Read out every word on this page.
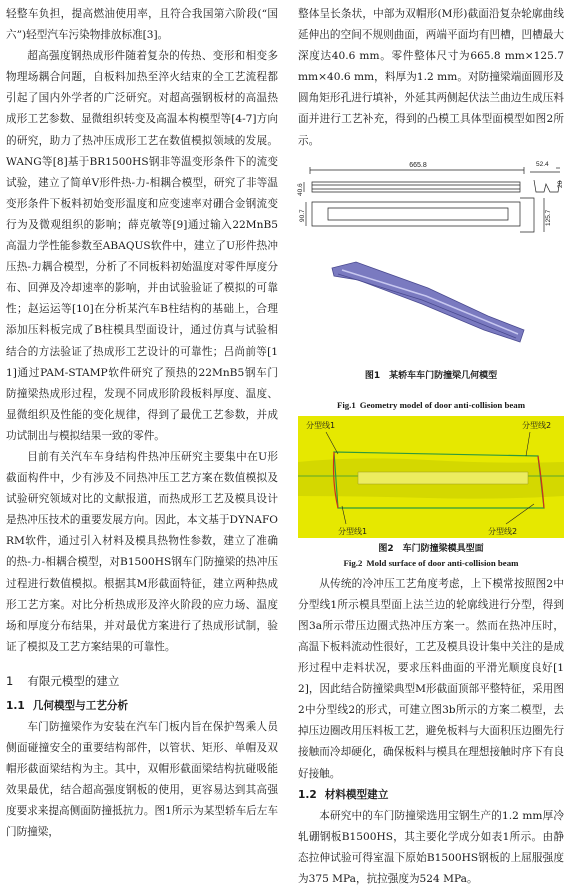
轻整车负担，提高燃油使用率，且符合我国第六阶段(“国六”)轻型汽车污染物排放标准[3]。

超高强度钢热成形件随着复杂的传热、变形和相变多物理场耦合问题，自板料加热至淬火结束的全工艺流程都引起了国内外学者的广泛研究。对超高强钢板材的高温热成形工艺参数、显微组织转变及高温本构模型等[4-7]方向的研究，助力了热冲压成形工艺在数值模拟领域的发展。WANG等[8]基于BR1500HS钢非等温变形条件下的流变试验，建立了简单V形件热-力-相耦合模型，研究了非等温变形条件下板料初始变形温度和应变速率对硼合金钢流变行为及微观组织的影响；薛克敏等[9]通过输入22MnB5高温力学性能参数至ABAQUS软件中，建立了U形件热冲压热-力耦合模型，分析了不同板料初始温度对零件厚度分布、回弹及冷却速率的影响，并由试验验证了模拟的可靠性；赵运运等[10]在分析某汽车B柱结构的基础上，合理添加压料板完成了B柱模具型面设计，通过仿真与试验相结合的方法验证了热成形工艺设计的可靠性；吕尚前等[11]通过PAM-STAMP软件研究了预热的22MnB5钢车门防撞梁热成形过程，发现不同成形阶段板料厚度、温度、显微组织及性能的变化规律，得到了最优工艺参数，并成功试制出与模拟结果一致的零件。

目前有关汽车车身结构件热冲压研究主要集中在U形截面构件中，少有涉及不同热冲压工艺方案在数值模拟及试验研究领域对比的文献报道，而热成形工艺及模具设计是热冲压技术的重要发展方向。因此，本文基于DYNAFORM软件，通过引入材料及模具热物性参数，建立了准确的热-力-相耦合模型，对B1500HS钢车门防撞梁的热冲压过程进行数值模拟。根据其M形截面特征，建立两种热成形工艺方案。对比分析热成形及淬火阶段的应力场、温度场和厚度分布结果，并对最优方案进行了热成形试制，验证了模拟及工艺方案结果的可靠性。

1 有限元模型的建立
1.1 几何模型与工艺分析

车门防撞梁作为安装在汽车门板内旨在保护驾乘人员侧面碰撞安全的重要结构部件，以管状、矩形、单帽及双帽形截面梁结构为主。其中，双帽形截面梁结构抗碰吸能效果最优，结合超高强度钢板的使用，更容易达到其高强度要求来提高侧面防撞抵抗力。图1所示为某型轿车后左车门防撞梁，

整体呈长条状，中部为双帽形(M形)截面沿复杂轮廓曲线延伸出的空间不规则曲面，两端平面均有凹槽，凹槽最大深度达40.6 mm。零件整体尺寸为665.8 mm×125.7 mm×40.6 mm，料厚为1.2 mm。对防撞梁端面圆形及圆角矩形孔进行填补，外延其两侧起伏法兰曲边生成压料面并进行工艺补充，得到的凸模工具体型面模型如图2所示。

665.8
40.6
52.4
20
90.7	125.7
图1　某轿车车门防撞梁几何模型

Fig.1 Geometry model of door anti-collision beam

分型线1	分型线2
分型线1	分型线2

图2　车门防撞梁模具型面

Fig.2 Mold surface of door anti-collision beam

从传统的冷冲压工艺角度考虑，上下模常按照图2中分型线1所示模具型面上法兰边的轮廓线进行分型，得到图3a所示带压边圈式热冲压方案一。然而在热冲压时，高温下板料流动性很好，工艺及模具设计集中关注的是成形过程中走料状况，要求压料曲面的平滑光顺度良好[12]，因此结合防撞梁典型M形截面顶部平整特征，采用图2中分型线2的形式，可建立图3b所示的方案二模型，去掉压边圈改用压料板工艺，避免板料与大面积压边圈先行接触而冷却硬化，确保板料与模具在理想接触时序下有良好接触。

1.2 材料模型建立

本研究中的车门防撞梁选用宝钢生产的1.2 mm厚冷轧硼钢板B1500HS，其主要化学成分如表1所示。由静态拉伸试验可得室温下原始B1500HS钢板的上屈服强度为375 MPa，抗拉强度为524 MPa。
